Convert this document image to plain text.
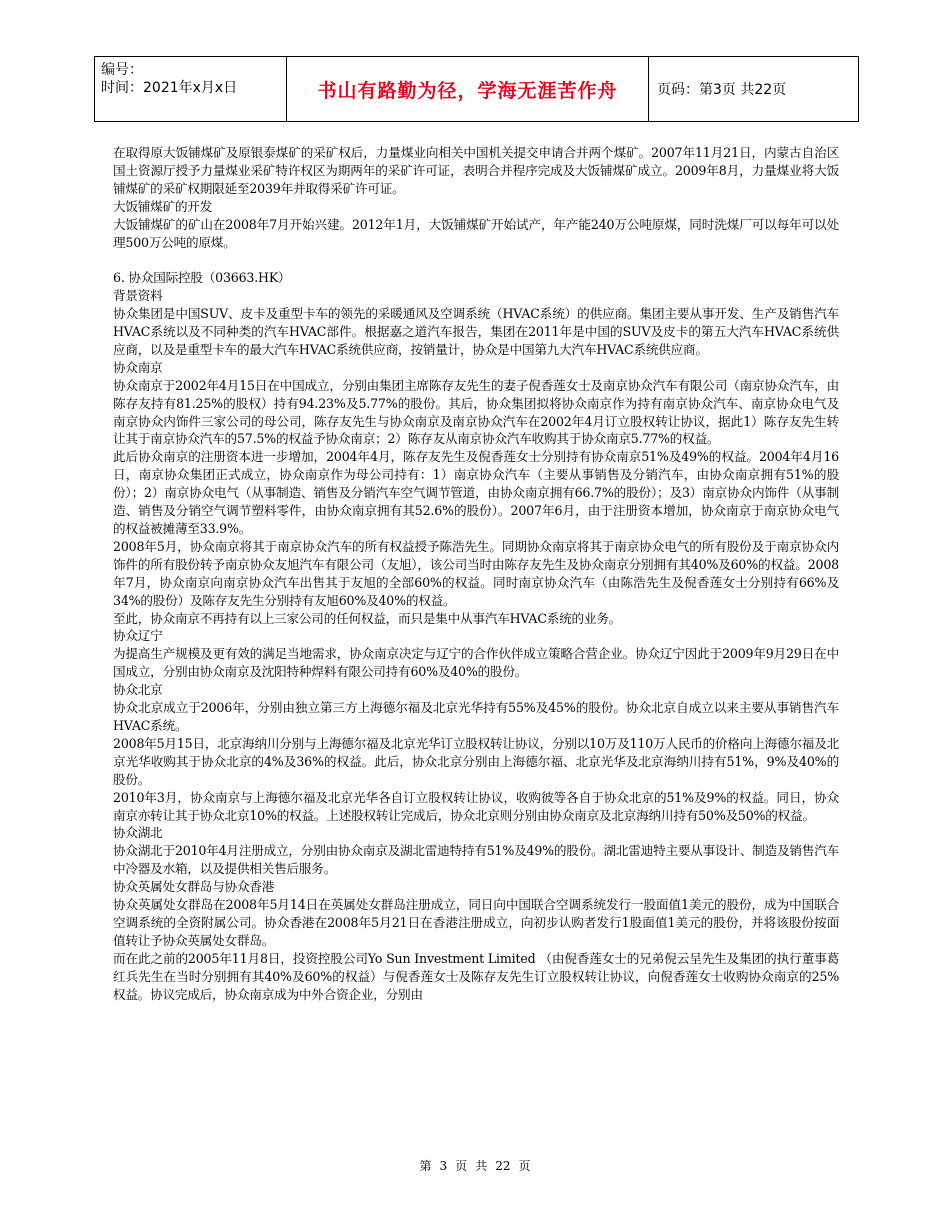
编号：
时间：2021年x月x日	书山有路勤为径，学海无涯苦作舟	页码：第3页 共22页

在取得原大饭铺煤矿及原银泰煤矿的采矿权后，力量煤业向相关中国机关提交申请合并两个煤矿。2007年11月21日，内蒙古自治区国土资源厅授予力量煤业采矿特许权区为期两年的采矿许可证，表明合并程序完成及大饭铺煤矿成立。2009年8月，力量煤业将大饭铺煤矿的采矿权期限延至2039年并取得采矿许可证。

大饭铺煤矿的开发

大饭铺煤矿的矿山在2008年7月开始兴建。2012年1月，大饭铺煤矿开始试产，年产能240万公吨原煤，同时洗煤厂可以每年可以处理500万公吨的原煤。

6. 协众国际控股（03663.HK）

背景资料

协众集团是中国SUV、皮卡及重型卡车的领先的采暖通风及空调系统（HVAC系统）的供应商。集团主要从事开发、生产及销售汽车HVAC系统以及不同种类的汽车HVAC部件。根据嘉之道汽车报告，集团在2011年是中国的SUV及皮卡的第五大汽车HVAC系统供应商，以及是重型卡车的最大汽车HVAC系统供应商，按销量计，协众是中国第九大汽车HVAC系统供应商。

协众南京

协众南京于2002年4月15日在中国成立，分别由集团主席陈存友先生的妻子倪香莲女士及南京协众汽车有限公司（南京协众汽车，由陈存友持有81.25%的股权）持有94.23%及5.77%的股份。其后，协众集团拟将协众南京作为持有南京协众汽车、南京协众电气及南京协众内饰件三家公司的母公司，陈存友先生与协众南京及南京协众汽车在2002年4月订立股权转让协议，据此1）陈存友先生转让其于南京协众汽车的57.5%的权益予协众南京；2）陈存友从南京协众汽车收购其于协众南京5.77%的权益。

此后协众南京的注册资本进一步增加，2004年4月，陈存友先生及倪香莲女士分别持有协众南京51%及49%的权益。2004年4月16日，南京协众集团正式成立，协众南京作为母公司持有：1）南京协众汽车（主要从事销售及分销汽车，由协众南京拥有51%的股份）；2）南京协众电气（从事制造、销售及分销汽车空气调节管道，由协众南京拥有66.7%的股份）；及3）南京协众内饰件（从事制造、销售及分销空气调节塑料零件，由协众南京拥有其52.6%的股份）。2007年6月，由于注册资本增加，协众南京于南京协众电气的权益被摊薄至33.9%。

2008年5月，协众南京将其于南京协众汽车的所有权益授予陈浩先生。同期协众南京将其于南京协众电气的所有股份及于南京协众内饰件的所有股份转予南京协众友旭汽车有限公司（友旭），该公司当时由陈存友先生及协众南京分别拥有其40%及60%的权益。2008年7月，协众南京向南京协众汽车出售其于友旭的全部60%的权益。同时南京协众汽车（由陈浩先生及倪香莲女士分别持有66%及34%的股份）及陈存友先生分别持有友旭60%及40%的权益。

至此，协众南京不再持有以上三家公司的任何权益，而只是集中从事汽车HVAC系统的业务。

协众辽宁

为提高生产规模及更有效的满足当地需求，协众南京决定与辽宁的合作伙伴成立策略合营企业。协众辽宁因此于2009年9月29日在中国成立，分别由协众南京及沈阳特种焊料有限公司持有60%及40%的股份。

协众北京

协众北京成立于2006年，分别由独立第三方上海德尔福及北京光华持有55%及45%的股份。协众北京自成立以来主要从事销售汽车HVAC系统。

2008年5月15日，北京海纳川分别与上海德尔福及北京光华订立股权转让协议，分别以10万及110万人民币的价格向上海德尔福及北京光华收购其于协众北京的4%及36%的权益。此后，协众北京分别由上海德尔福、北京光华及北京海纳川持有51%，9%及40%的股份。

2010年3月，协众南京与上海德尔福及北京光华各自订立股权转让协议，收购彼等各自于协众北京的51%及9%的权益。同日，协众南京亦转让其于协众北京10%的权益。上述股权转让完成后，协众北京则分别由协众南京及北京海纳川持有50%及50%的权益。

协众湖北

协众湖北于2010年4月注册成立，分别由协众南京及湖北雷迪特持有51%及49%的股份。湖北雷迪特主要从事设计、制造及销售汽车中冷器及水箱，以及提供相关售后服务。

协众英属处女群岛与协众香港

协众英属处女群岛在2008年5月14日在英属处女群岛注册成立，同日向中国联合空调系统发行一股面值1美元的股份，成为中国联合空调系统的全资附属公司。协众香港在2008年5月21日在香港注册成立，向初步认购者发行1股面值1美元的股份，并将该股份按面值转让予协众英属处女群岛。

而在此之前的2005年11月8日，投资控股公司Yo Sun Investment Limited （由倪香莲女士的兄弟倪云呈先生及集团的执行董事葛红兵先生在当时分别拥有其40%及60%的权益）与倪香莲女士及陈存友先生订立股权转让协议，向倪香莲女士收购协众南京的25%权益。协议完成后，协众南京成为中外合资企业，分别由

第 3 页 共 22 页
